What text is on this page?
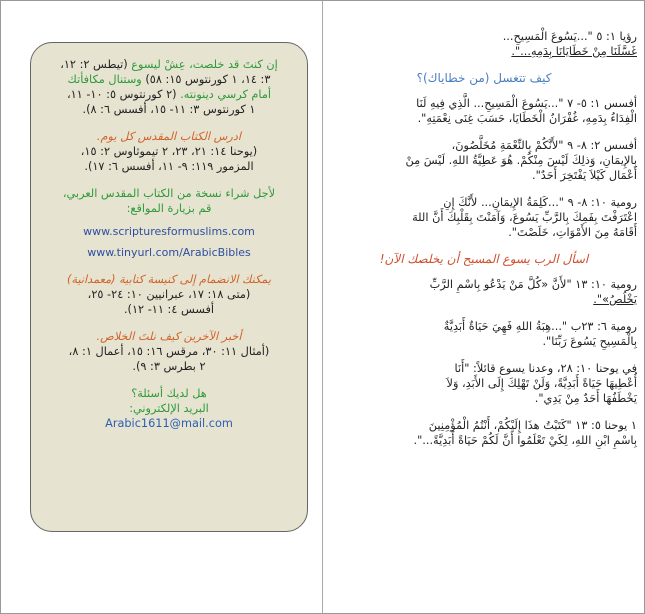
رؤيا ١: ٥ "...يَسُوعَ الْمَسِيحِ...
غَسَّلَنَا مِنْ خَطَايَانَا بِدَمِهِ...".
كيف تتغسل (من خطاياك)؟
أفسس ١: ٥- ٧ "...يَسُوعَ الْمَسِيحِ... الَّذِي فِيهِ لَنَا
الْفِدَاءُ بِدَمِهِ، غُفْرَانُ الْخَطَايَا، حَسَبَ غِنَى نِعْمَتِهِ".
أفسس ٢: ٨- ٩ "لأَنَّكُمْ بِالنِّعْمَةِ مُخَلَّصُونَ،
بِالإِيمَانِ، وَذلِكَ لَيْسَ مِنْكُمْ. هُوَ عَطِيَّةُ اللهِ. لَيْسَ مِنْ
أَعْمَال كَيْلاَ يَفْتَخِرَ أَحَدٌ".
رومية ١٠: ٨- ٩ "...كَلِمَةُ الإِيمَانِ... لأَنَّكَ إِنِ
اعْتَرَفْتَ بِفَمِكَ بِالرَّبِّ يَسُوعَ، وَآمَنْتَ بِقَلْبِكَ أَنَّ اللهَ
أَقَامَهُ مِنَ الأَمْوَاتِ، خَلَصْتَ".
اسأل الرب يسوع المسيح أن يخلصك الآن!
رومية ١٠: ١٣ "لأَنَّ «كُلَّ مَنْ يَدْعُو بِاسْمِ الرَّبِّ
يَخْلُصُ»".
رومية ٦: ٢٣ب "...هِبَةُ اللهِ فَهِيَ حَيَاةٌ أَبَدِيَّةٌ
بِالْمَسِيحِ يَسُوعَ رَبِّنَا".
في يوحنا ١٠: ٢٨، وعدنا يسوع قائلاً: "أَنَا
أُعْطِيهَا حَيَاةً أَبَدِيَّةً، وَلَنْ تَهْلِكَ إِلَى الأَبَدِ، وَلاَ
يَخْطَفُهَا أَحَدٌ مِنْ يَدِي".
١ يوحنا ٥: ١٣ "كَتَبْتُ هذَا إِلَيْكُمْ، أَنْتُمُ الْمُؤْمِنِينَ
بِاسْمِ ابْنِ اللهِ، لِكَيْ تَعْلَمُوا أَنَّ لَكُمْ حَيَاةً أَبَدِيَّةً...".
إن كنتَ قد خلصت، عِشْ ليسوع (تيطس ٢: ١٢،
٣: ١٤، ١ كورنتوس ١٥: ٥٨) وستنال مكافأتك
أمام كرسي دينونته. (٢ كورنتوس ٥: ١٠- ١١،
١ كورنتوس ٣: ١١- ١٥، أفسس ٦: ٨).
ادرس الكتاب المقدس كل يوم.
(يوحنا ١٤: ٢١، ٢٣، ٢ تيموثاوس ٢: ١٥،
المزمور ١١٩: ٩- ١١، أفسس ٦: ١٧).
لأجل شراء نسخة من الكتاب المقدس العربي،
قم بزيارة المواقع:
www.scripturesformuslims.com
www.tinyurl.com/ArabicBibles
يمكنك الانضمام إلى كنيسة كتابية (معمدانية)
(متى ١٨: ١٧، عبرانيين ١٠: ٢٤- ٢٥،
أفسس ٤: ١١- ١٢).
أخبر الآخرين كيف نلتَ الخلاص.
(أمثال ١١: ٣٠، مرقس ١٦: ١٥، أعمال ١: ٨،
٢ بطرس ٣: ٩).
هل لديك أسئلة؟
البريد الإلكتروني:
Arabic1611@mail.com
